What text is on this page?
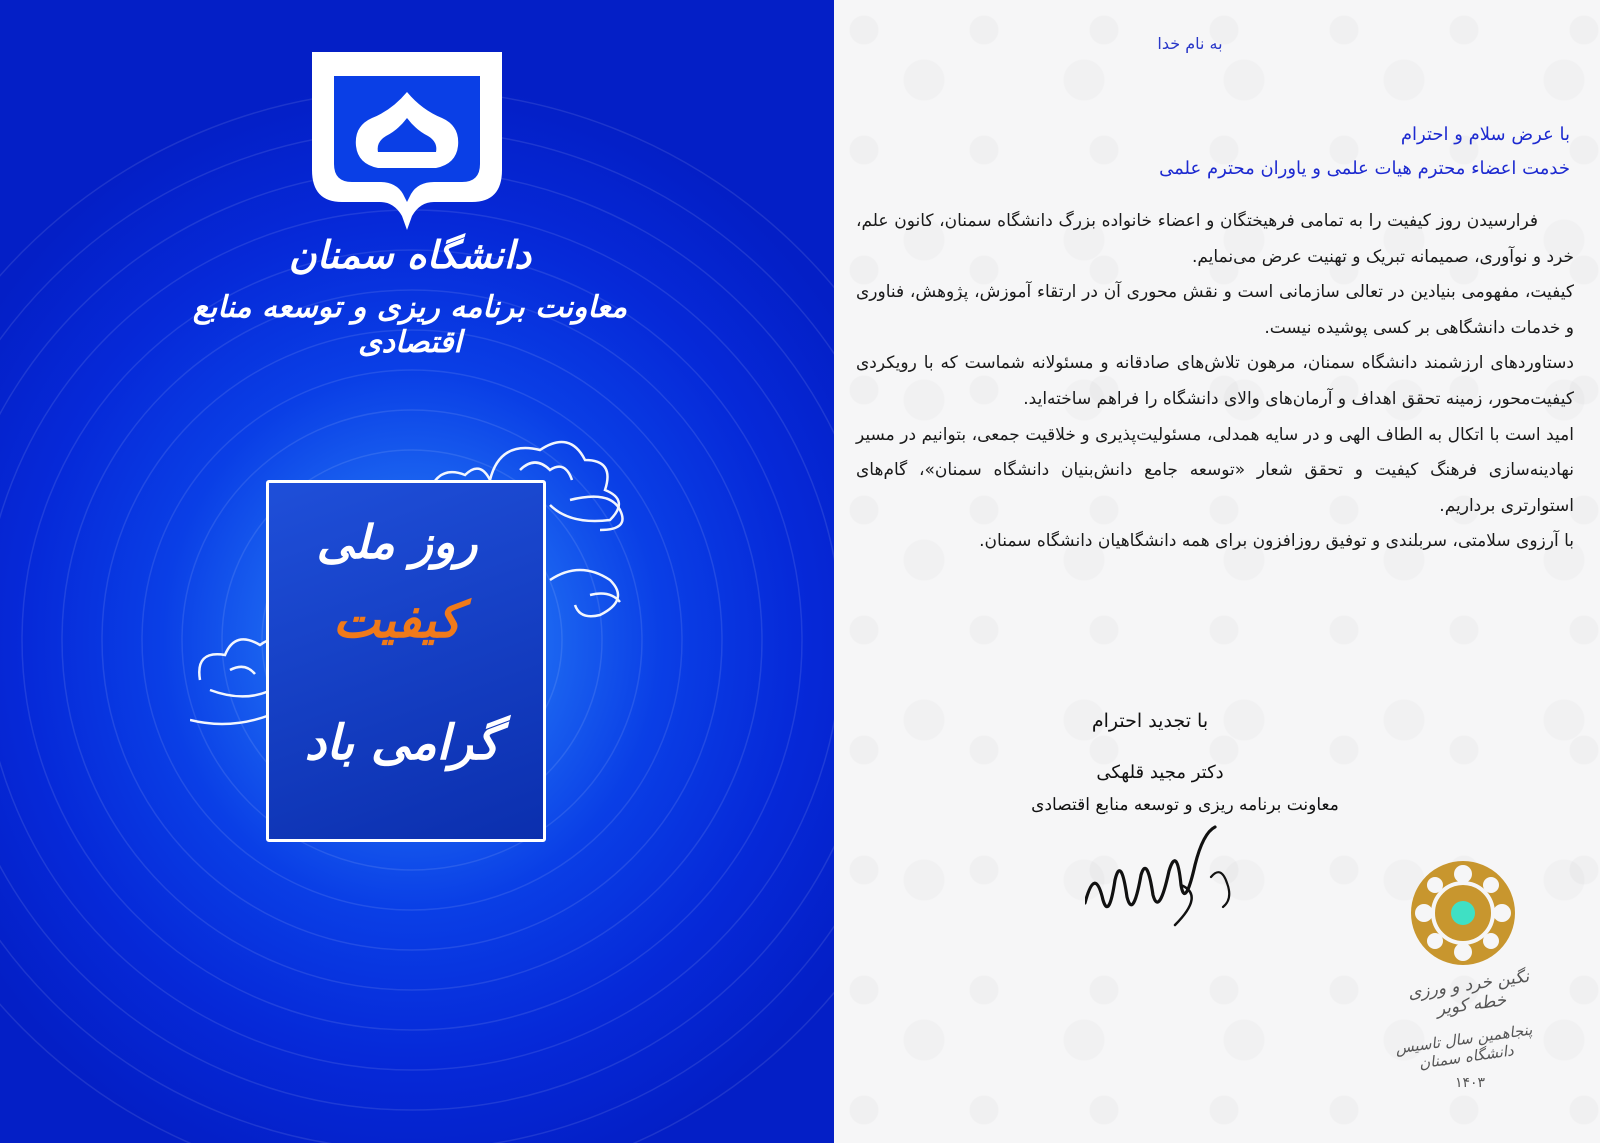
دانشگاه سمنان
معاونت برنامه ریزی و توسعه منابع اقتصادی
روز ملی
کیفیت
گرامی باد
به نام خدا
با عرض سلام و احترام
خدمت اعضاء محترم هیات علمی و یاوران محترم علمی

فرارسیدن روز کیفیت را به تمامی فرهیختگان و اعضاء خانواده بزرگ دانشگاه سمنان، کانون علم، خرد و نوآوری، صمیمانه تبریک و تهنیت عرض می‌نمایم.

کیفیت، مفهومی بنیادین در تعالی سازمانی است و نقش محوری آن در ارتقاء آموزش، پژوهش، فناوری و خدمات دانشگاهی بر کسی پوشیده نیست.

دستاوردهای ارزشمند دانشگاه سمنان، مرهون تلاش‌های صادقانه و مسئولانه شماست که با رویکردی کیفیت‌محور، زمینه تحقق اهداف و آرمان‌های والای دانشگاه را فراهم ساخته‌اید.

امید است با اتکال به الطاف الهی و در سایه همدلی، مسئولیت‌پذیری و خلاقیت جمعی، بتوانیم در مسیر نهادینه‌سازی فرهنگ کیفیت و تحقق شعار «توسعه جامع دانش‌بنیان دانشگاه سمنان»، گام‌های استوارتری برداریم.

با آرزوی سلامتی، سربلندی و توفیق روزافزون برای همه دانشگاهیان دانشگاه سمنان.

با تجدید احترام
دکتر مجید قلهکی
معاونت برنامه ریزی و توسعه منابع اقتصادی
نگین خرد و ورزی خطه کویر
پنجاهمین سال تاسیس دانشگاه سمنان
۱۴۰۳
